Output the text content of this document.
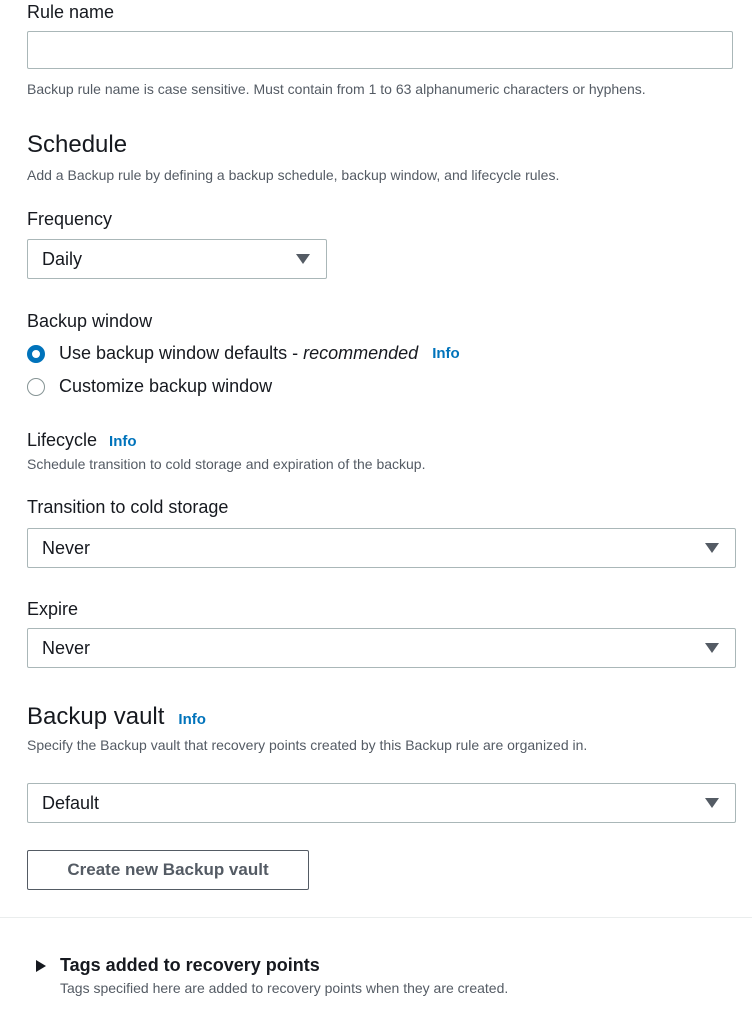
Rule name
Backup rule name is case sensitive. Must contain from 1 to 63 alphanumeric characters or hyphens.
Schedule
Add a Backup rule by defining a backup schedule, backup window, and lifecycle rules.
Frequency
Daily
Backup window
Use backup window defaults - recommended Info
Customize backup window
Lifecycle Info
Schedule transition to cold storage and expiration of the backup.
Transition to cold storage
Never
Expire
Never
Backup vault Info
Specify the Backup vault that recovery points created by this Backup rule are organized in.
Default
Create new Backup vault
Tags added to recovery points
Tags specified here are added to recovery points when they are created.
